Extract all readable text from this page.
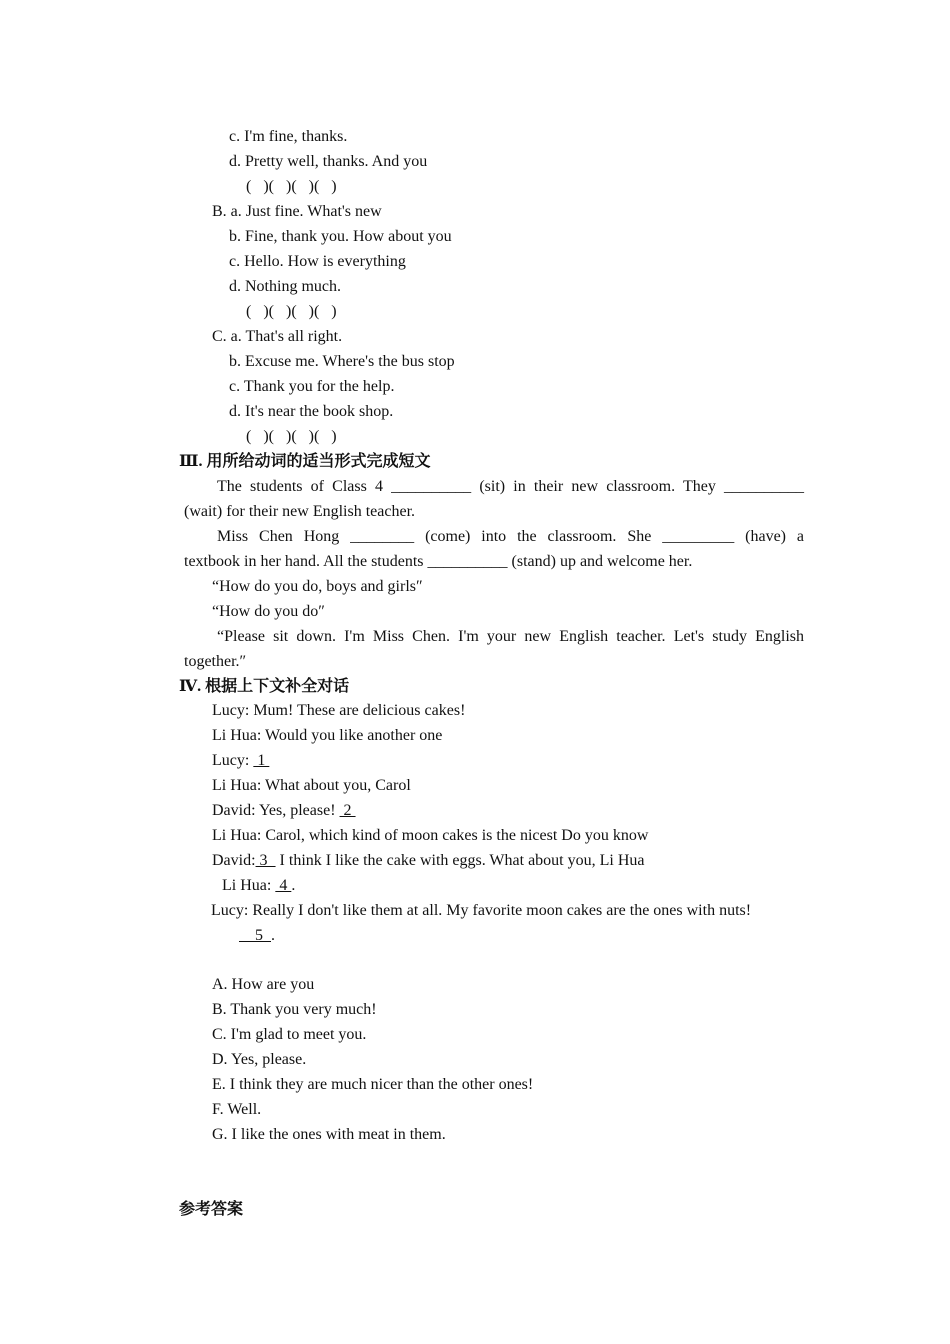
c. I'm fine, thanks.
d. Pretty well, thanks. And you
(   )(   )(   )(   )
B. a. Just fine. What's new
b. Fine, thank you. How about you
c. Hello. How is everything
d. Nothing much.
(   )(   )(   )(   )
C. a. That's all right.
b. Excuse me. Where's the bus stop
c. Thank you for the help.
d. It's near the book shop.
(   )(   )(   )(   )
Ⅲ. 用所给动词的适当形式完成短文
The students of Class 4 __________ (sit) in their new classroom. They __________
(wait) for their new English teacher.
Miss Chen Hong ________ (come) into the classroom. She _________ (have) a
textbook in her hand. All the students __________ (stand) up and welcome her.
“How do you do, boys and girls″
“How do you do″
“Please sit down. I'm Miss Chen. I'm your new English teacher. Let's study English
together.″
Ⅳ. 根据上下文补全对话
Lucy: Mum! These are delicious cakes!
Li Hua: Would you like another one
Lucy:  1
Li Hua: What about you, Carol
David: Yes, please!  2
Li Hua: Carol, which kind of moon cakes is the nicest Do you know
David: 3   I think I like the cake with eggs. What about you, Li Hua
Li Hua:  4 .
Lucy: Really I don't like them at all. My favorite moon cakes are the ones with nuts!
5  .
A. How are you
B. Thank you very much!
C. I'm glad to meet you.
D. Yes, please.
E. I think they are much nicer than the other ones!
F. Well.
G. I like the ones with meat in them.
参考答案
